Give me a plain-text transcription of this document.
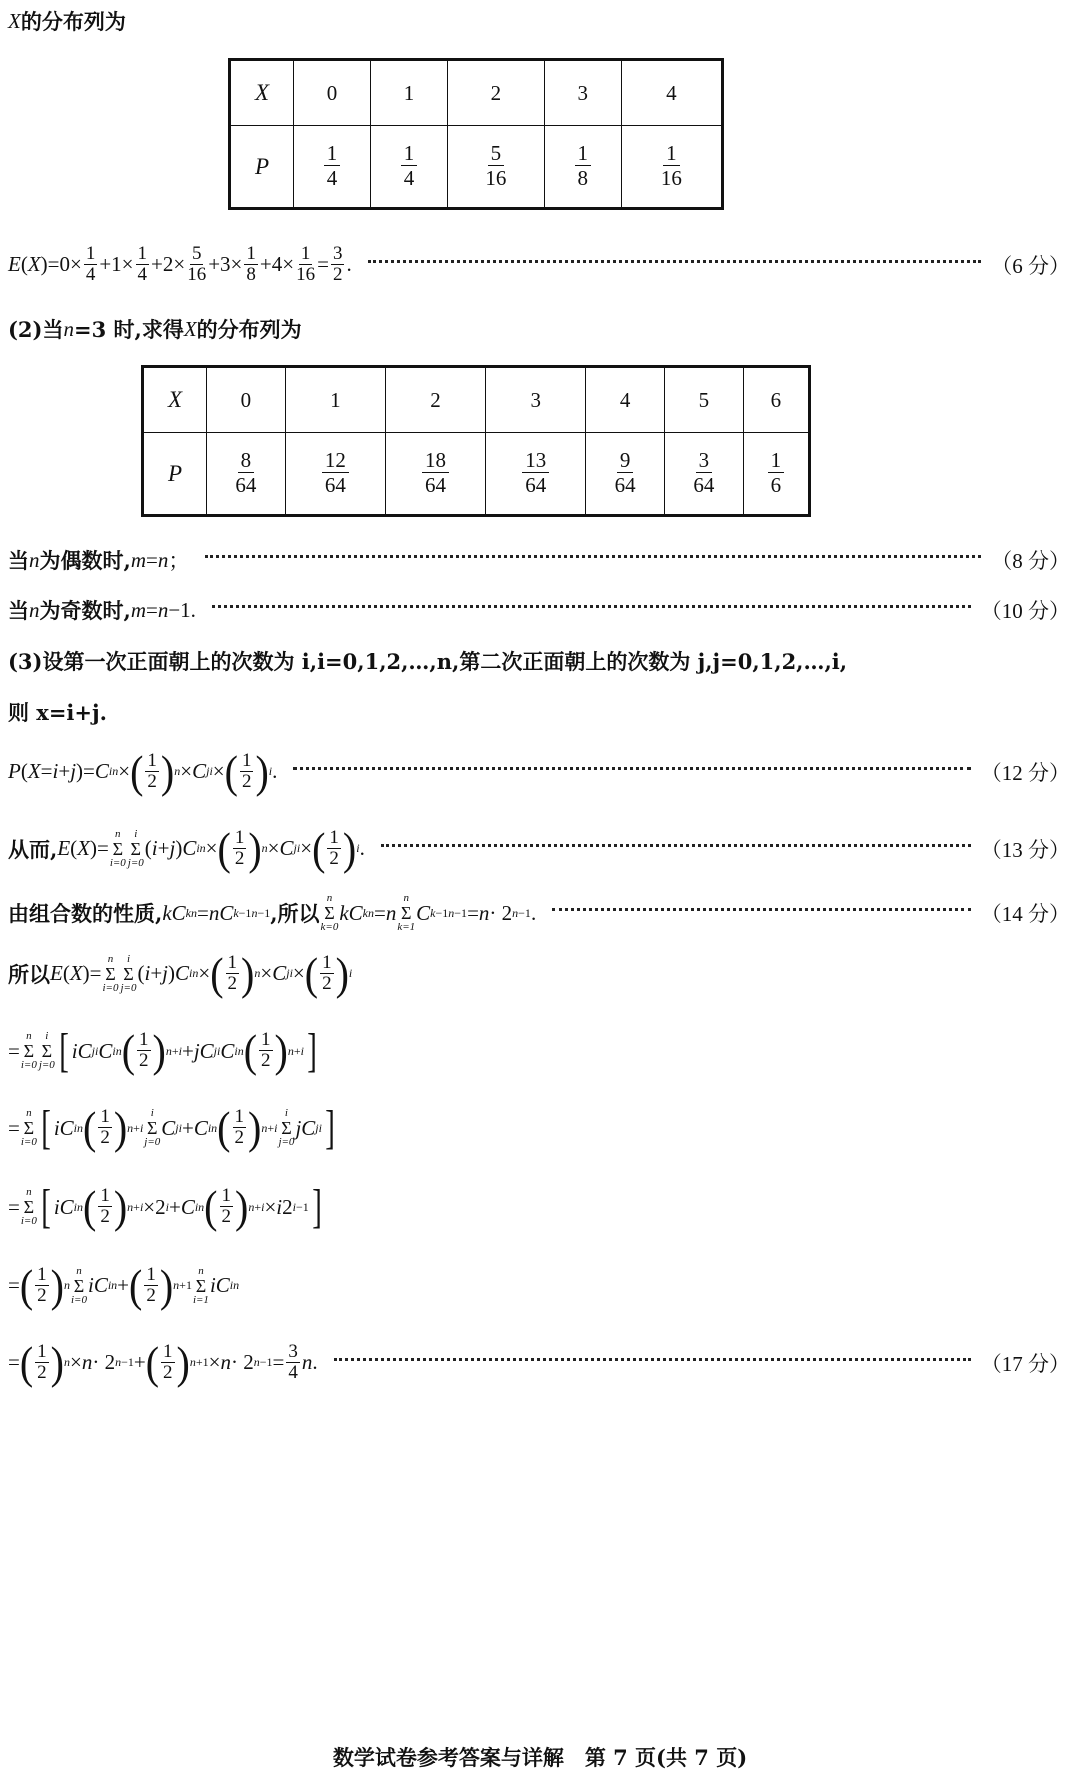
X 的分布列为
X	0	1	2	3	4
P	$\frac{1}{4}$	$\frac{1}{4}$	$\frac{5}{16}$	$\frac{1}{8}$	$\frac{1}{16}$
E ( X )$=0\times \frac{1}{4} +1\times \frac{1}{4} +2\times \frac{5}{16} +3\times \frac{1}{8} +4\times \frac{1}{16} = \frac{3}{2}$ .	（6 分）
(2)当 n =3 时,求得 X 的分布列为
X	0	1	2	3	4	5	6
P	$\frac{8}{64}$	$\frac{12}{64}$	$\frac{18}{64}$	$\frac{13}{64}$	$\frac{9}{64}$	$\frac{3}{64}$	$\frac{1}{6}$
当 n 为偶数时, m = n ；	（8 分）
当 n 为奇数时, m = n −1.	（10 分）
(3)设第一次正面朝上的次数为 i,i=0,1,2,…,n,第二次正面朝上的次数为 j,j=0,1,2,…,i,
则 x=i+j.
P ( X = i + j )= C i n × ( $\frac{1}{2}$ ) n × C j i × ( $\frac{1}{2}$ ) i .	（12 分）
从而, E ( X )=
n
Σ
i=0
i
Σ
j=0
( i + j ) C i n × ( $\frac{1}{2}$ ) n × C j i × ( $\frac{1}{2}$ ) i .	（13 分）
由组合数的性质, kC k n = nC k−1 n−1 ,所以
n
Σ
k=0
kC k n = n
n
Σ
k=1
C k−1 n−1 = n · 2 n−1 .	（14 分）
所以 E ( X )=
n
Σ
i=0
i
Σ
j=0
( i + j ) C i n × ( $\frac{1}{2}$ ) n × C j i × ( $\frac{1}{2}$ ) i
=
n
Σ
i=0
i
Σ
j=0 [ iC j i C i n ( $\frac{1}{2}$ ) n+i + jC j i C i n ( $\frac{1}{2}$ ) n+i ]
=
n
Σ
i=0 [ iC i n ( $\frac{1}{2}$ ) n+i
i
Σ
j=0
C j i + C i n ( $\frac{1}{2}$ ) n+i
i
Σ
j=0
jC j i ]
=
n
Σ
i=0 [ iC i n ( $\frac{1}{2}$ ) n+i ×2 i + C i n ( $\frac{1}{2}$ ) n+i × i 2 i−1 ]
= ( $\frac{1}{2}$ ) n
n
Σ
i=0
iC i n + ( $\frac{1}{2}$ ) n+1
n
Σ
i=1
iC i n
= ( $\frac{1}{2}$ ) n × n · 2 n−1 + ( $\frac{1}{2}$ ) n+1 × n · 2 $n-1 = \frac{3}{4}$ n .	（17 分）
数学试卷参考答案与详解　第 7 页(共 7 页)
